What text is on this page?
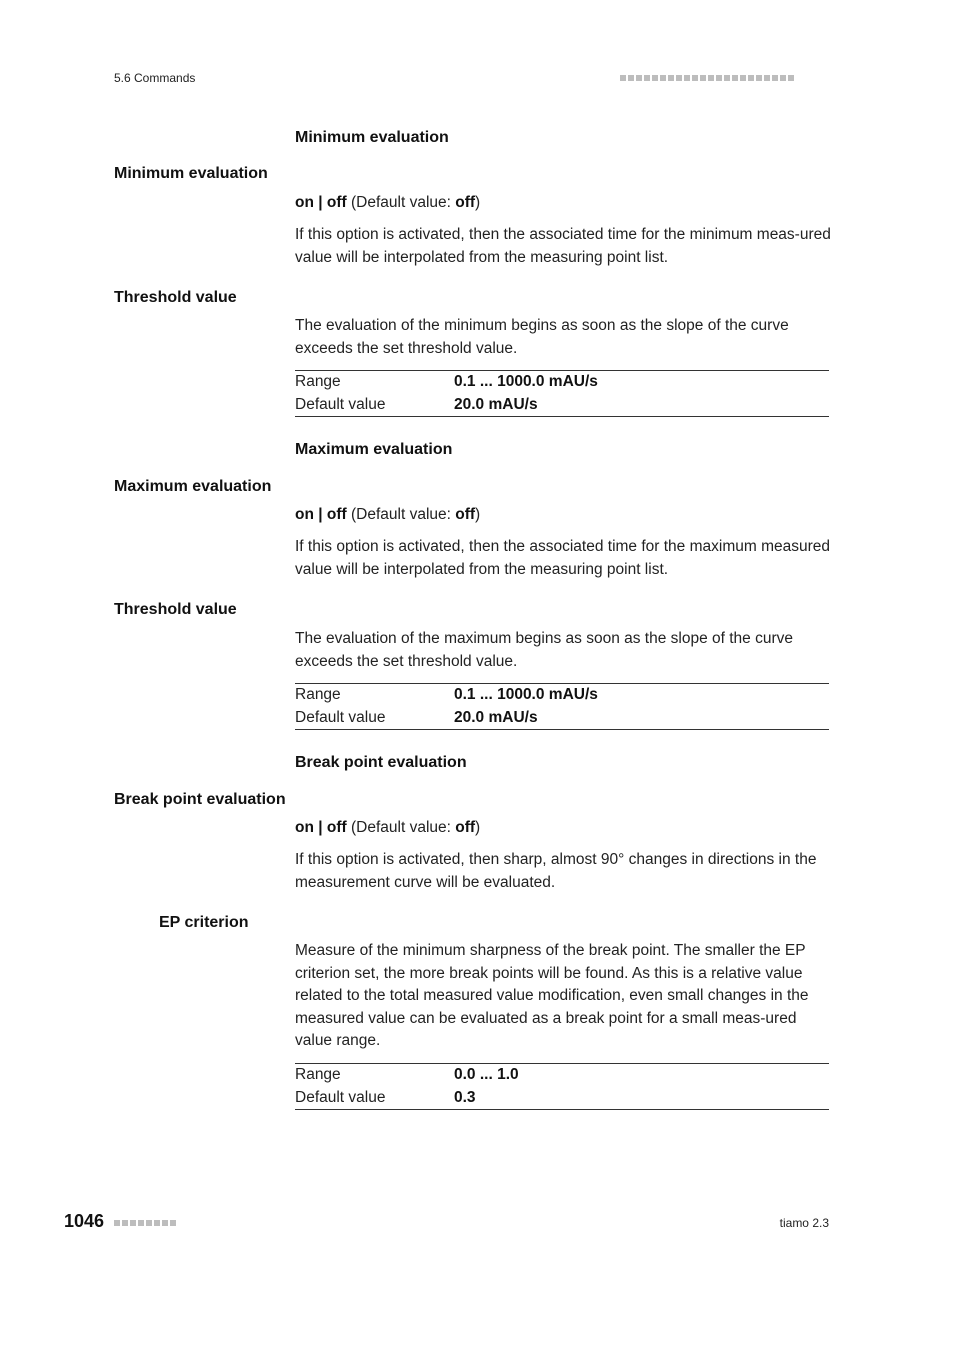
5.6 Commands
Minimum evaluation
Minimum evaluation
on | off (Default value: off)
If this option is activated, then the associated time for the minimum meas-ured value will be interpolated from the measuring point list.
Threshold value
The evaluation of the minimum begins as soon as the slope of the curve exceeds the set threshold value.
Range	0.1 ... 1000.0 mAU/s
Default value	20.0 mAU/s
Maximum evaluation
Maximum evaluation
on | off (Default value: off)
If this option is activated, then the associated time for the maximum measured value will be interpolated from the measuring point list.
Threshold value
The evaluation of the maximum begins as soon as the slope of the curve exceeds the set threshold value.
Range	0.1 ... 1000.0 mAU/s
Default value	20.0 mAU/s
Break point evaluation
Break point evaluation
on | off (Default value: off)
If this option is activated, then sharp, almost 90° changes in directions in the measurement curve will be evaluated.
EP criterion
Measure of the minimum sharpness of the break point. The smaller the EP criterion set, the more break points will be found. As this is a relative value related to the total measured value modification, even small changes in the measured value can be evaluated as a break point for a small meas-ured value range.
Range	0.0 ... 1.0
Default value	0.3
1046	tiamo 2.3
